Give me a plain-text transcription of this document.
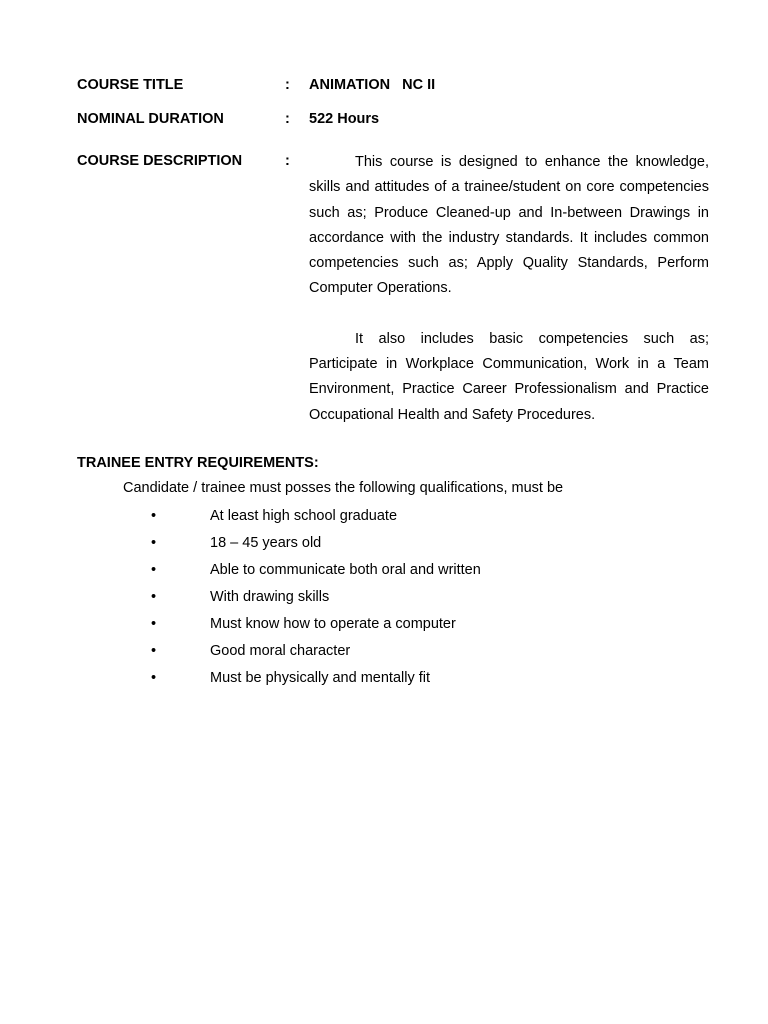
COURSE TITLE	: ANIMATION   NC II
NOMINAL DURATION	: 522 Hours
COURSE DESCRIPTION	:	This course is designed to enhance the knowledge, skills and attitudes of a trainee/student on core competencies such as; Produce Cleaned-up and In-between Drawings in accordance with the industry standards. It includes common competencies such as; Apply Quality Standards, Perform Computer Operations.

It also includes basic competencies such as; Participate in Workplace Communication, Work in a Team Environment, Practice Career Professionalism and Practice Occupational Health and Safety Procedures.

TRAINEE ENTRY REQUIREMENTS:
Candidate / trainee must posses the following qualifications, must be
•	At least high school graduate
•	18 – 45 years old
•	Able to communicate both oral and written
•	With drawing skills
•	Must know how to operate a computer
•	Good moral character
•	Must be physically and mentally fit
